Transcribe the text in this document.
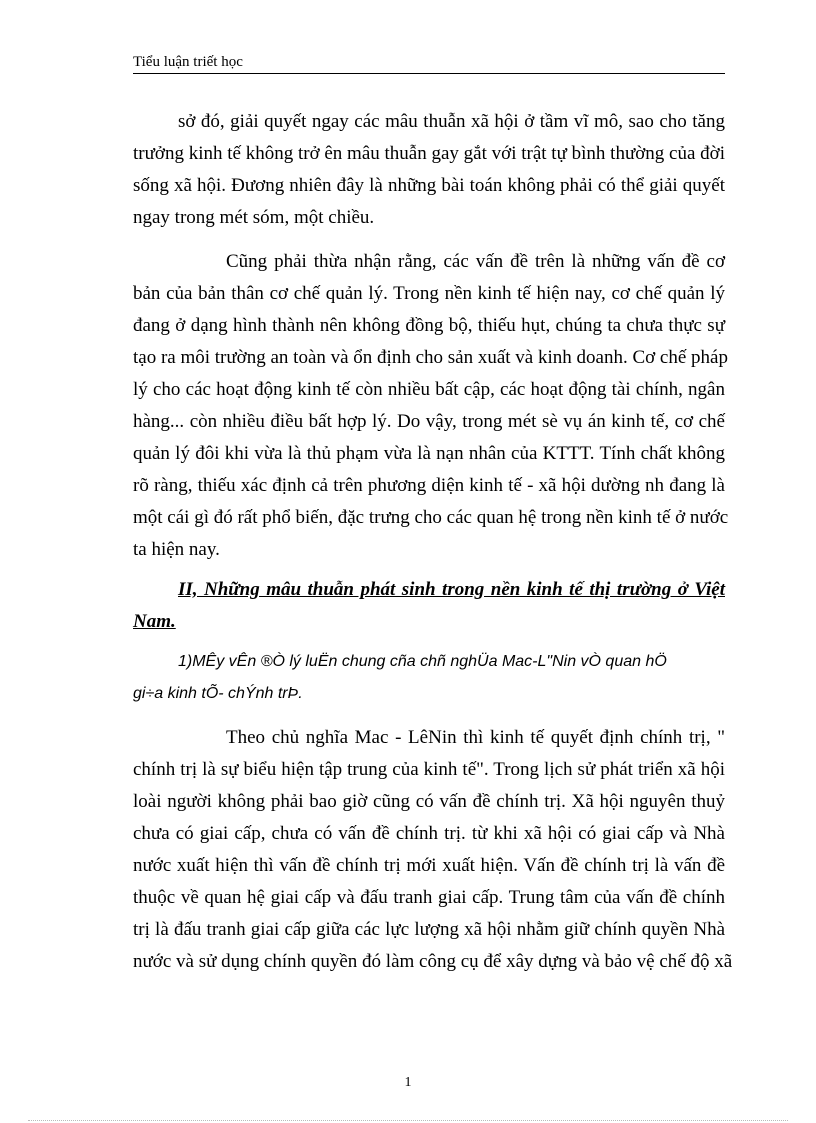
Tiểu luận triết học
sở đó, giải quyết ngay các mâu thuẫn xã hội ở tầm vĩ mô, sao cho tăng
trưởng kinh tế không trở ên mâu thuẫn gay gắt với trật tự bình thường của đời
sống xã hội. Đương nhiên đây là những bài toán không phải có thể giải quyết
ngay trong mét sóm, một chiều.
Cũng phải thừa nhận rằng, các vấn đề trên là những vấn đề cơ
bản của bản thân cơ chế quản lý. Trong nền kinh tế hiện nay, cơ chế quản lý
đang ở dạng hình thành nên không đồng bộ, thiếu hụt, chúng ta chưa thực sự
tạo ra môi trường an toàn và ổn định cho sản xuất và kinh doanh. Cơ chế pháp
lý cho các hoạt động kinh tế còn nhiều bất cập, các hoạt động tài chính, ngân
hàng... còn nhiều điều bất hợp lý. Do vậy, trong mét sè vụ án kinh tế, cơ chế
quản lý đôi khi vừa là thủ phạm vừa là nạn nhân của KTTT. Tính chất không
rõ ràng, thiếu xác định cả trên phương diện kinh tế - xã hội dường nh đang là
một cái gì đó rất phổ biến, đặc trưng cho các quan hệ trong nền kinh tế ở nước
ta hiện nay.
II, Những mâu thuẫn phát sinh trong nền kinh tế thị trường ở Việt
Nam.
1)MÊy vÊn ®Ò lý luËn chung cña chñ nghÜa Mac-L"Nin vÒ quan hÖ
gi÷a kinh tÕ- chÝnh trÞ.
Theo chủ nghĩa Mac - LêNin thì kinh tế quyết định chính trị, "
chính trị là sự biểu hiện tập trung của kinh tế". Trong lịch sử phát triển xã hội
loài người không phải bao giờ cũng có vấn đề chính trị. Xã hội nguyên thuỷ
chưa có giai cấp, chưa có vấn đề chính trị. từ khi xã hội có giai cấp và Nhà
nước xuất hiện thì vấn đề chính trị mới xuất hiện. Vấn đề chính trị là vấn đề
thuộc về quan hệ giai cấp và đấu tranh giai cấp. Trung tâm của vấn đề chính
trị là đấu tranh giai cấp giữa các lực lượng xã hội nhằm giữ chính quyền Nhà
nước và sử dụng chính quyền đó làm công cụ để xây dựng và bảo vệ chế độ xã
1
